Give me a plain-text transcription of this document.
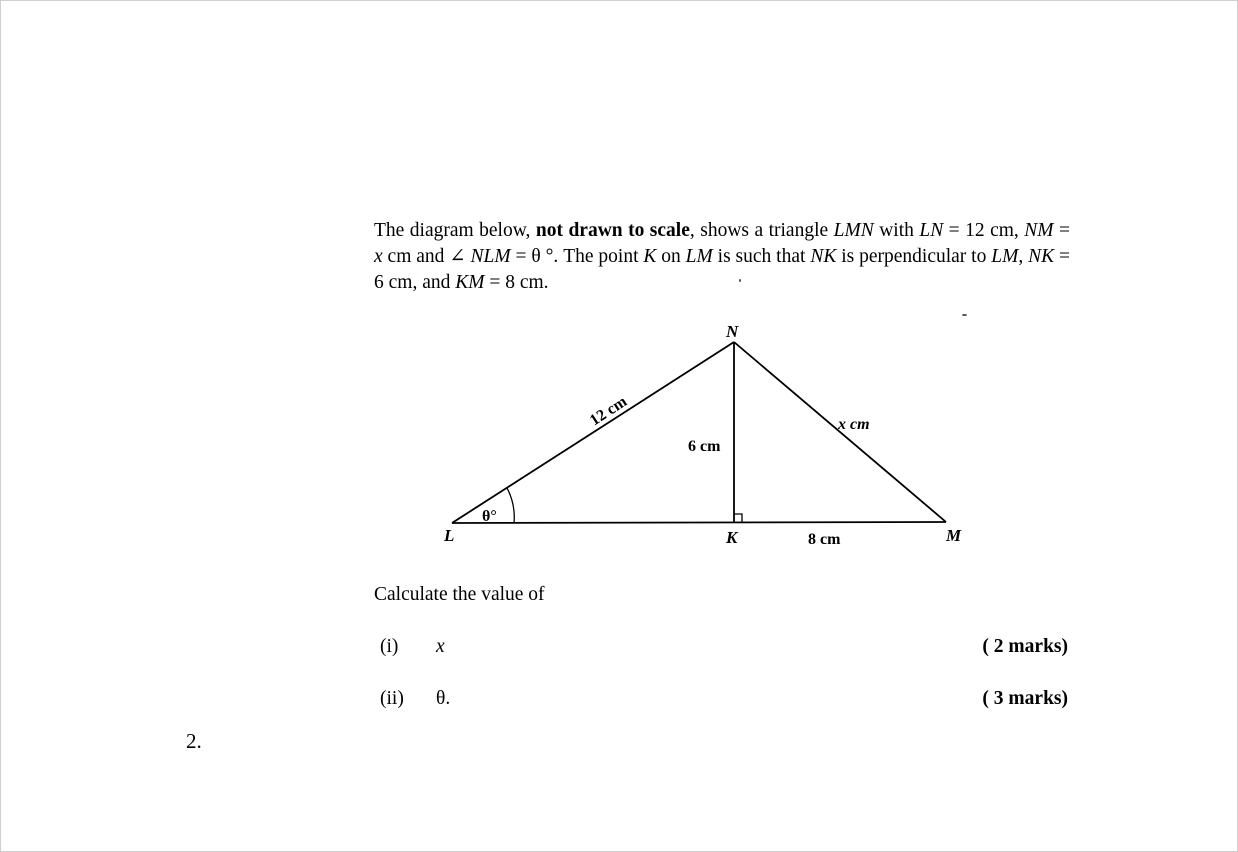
The diagram below, not drawn to scale, shows a triangle LMN with LN = 12 cm, NM = x cm and ∠ NLM = θ °. The point K on LM is such that NK is perpendicular to LM, NK = 6 cm, and KM = 8 cm.
N
L	K	M
12 cm
6 cm
x cm
8 cm
θ°
Calculate the value of
(i) x	( 2 marks)
(ii) θ.	( 3 marks)
2.
